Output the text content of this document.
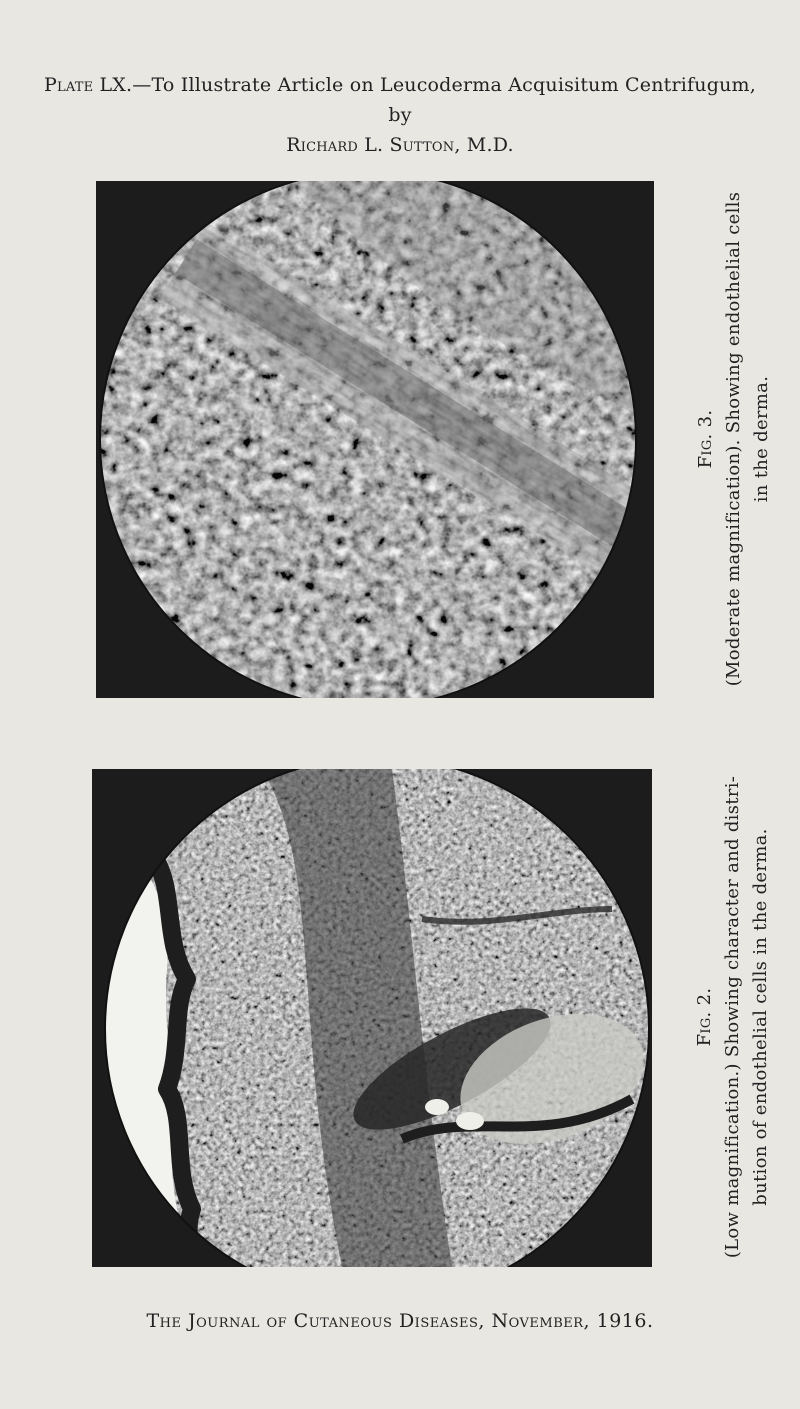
Plate LX.—To Illustrate Article on Leucoderma Acquisitum Centrifugum, by
Richard L. Sutton, M.D.
Fig. 3. (Moderate magnification). Showing endothelial cells in the derma.
Fig. 2. (Low magnification.) Showing character and distri- bution of endothelial cells in the derma.
The Journal of Cutaneous Diseases, November, 1916.
